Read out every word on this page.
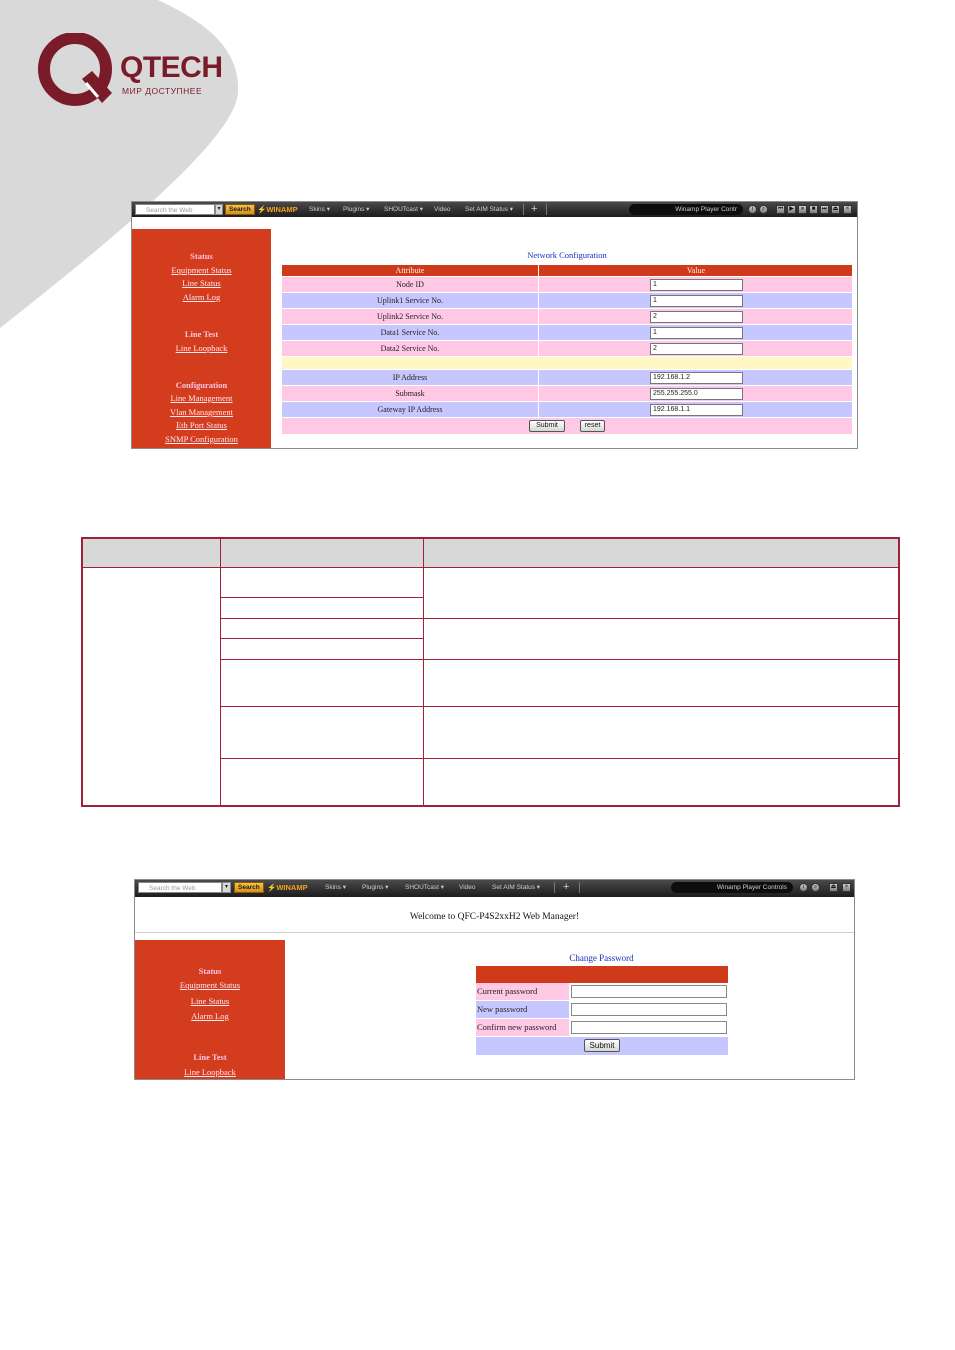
QTECH
МИР ДОСТУПНЕЕ
Search the Web	▾	Search ⚡WINAMP Skins ▾ Plugins ▾ SHOUTcast ▾ Video Set AIM Status ▾ +	Winamp Player Contr	i	⌕	⏮ ▶	⏸	■	⏭ ⏏	×
Status
Equipment Status
Line Status
Alarm Log
Line Test
Line Loopback
Configuration
Line Management
Vlan Management
Eth Port Status
SNMP Configuration
Network Configuration
Attribute	Value
Node ID	1
Uplink1 Service No.	1
Uplink2 Service No.	2
Data1 Service No.	1
Data2 Service No.	2
IP Address	192.168.1.2
Submask	255.255.255.0
Gateway IP Address	192.168.1.1
Submit	reset
Search the Web	▾	Search ⚡WINAMP	Skins ▾ Plugins ▾	SHOUTcast ▾ Video	Set AIM Status ▾ +	Winamp Player Controls	i	⌕	⏏	×
Welcome to QFC-P4S2xxH2 Web Manager!
Status
Equipment Status
Line Status
Alarm Log
Line Test
Line Loopback
Change Password
Current password
New password
Confirm new password
Submit
